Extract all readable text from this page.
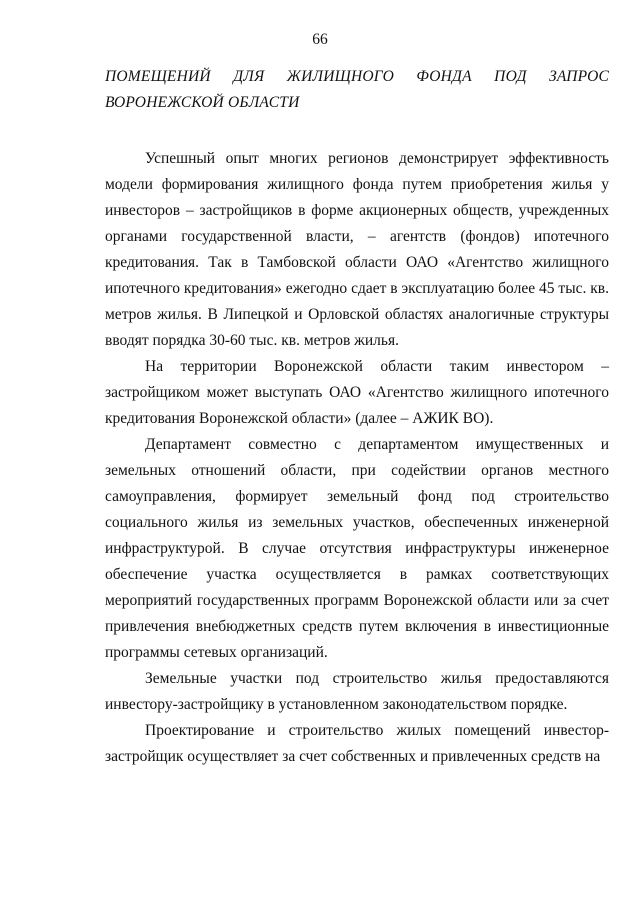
66
ПОМЕЩЕНИЙ ДЛЯ ЖИЛИЩНОГО ФОНДА ПОД ЗАПРОС
ВОРОНЕЖСКОЙ ОБЛАСТИ

Успешный опыт многих регионов демонстрирует эффективность модели формирования жилищного фонда путем приобретения жилья у инвесторов – застройщиков в форме акционерных обществ, учрежденных органами государственной власти, – агентств (фондов) ипотечного кредитования. Так в Тамбовской области ОАО «Агентство жилищного ипотечного кредитования» ежегодно сдает в эксплуатацию более 45 тыс. кв. метров жилья. В Липецкой и Орловской областях аналогичные структуры вводят порядка 30-60 тыс. кв. метров жилья.

На территории Воронежской области таким инвестором – застройщиком может выступать ОАО «Агентство жилищного ипотечного кредитования Воронежской области» (далее – АЖИК ВО).

Департамент совместно с департаментом имущественных и земельных отношений области, при содействии органов местного самоуправления, формирует земельный фонд под строительство социального жилья из земельных участков, обеспеченных инженерной инфраструктурой. В случае отсутствия инфраструктуры инженерное обеспечение участка осуществляется в рамках соответствующих мероприятий государственных программ Воронежской области или за счет привлечения внебюджетных средств путем включения в инвестиционные программы сетевых организаций.

Земельные участки под строительство жилья предоставляются инвестору-застройщику в установленном законодательством порядке.

Проектирование и строительство жилых помещений инвестор-застройщик осуществляет за счет собственных и привлеченных средств на
